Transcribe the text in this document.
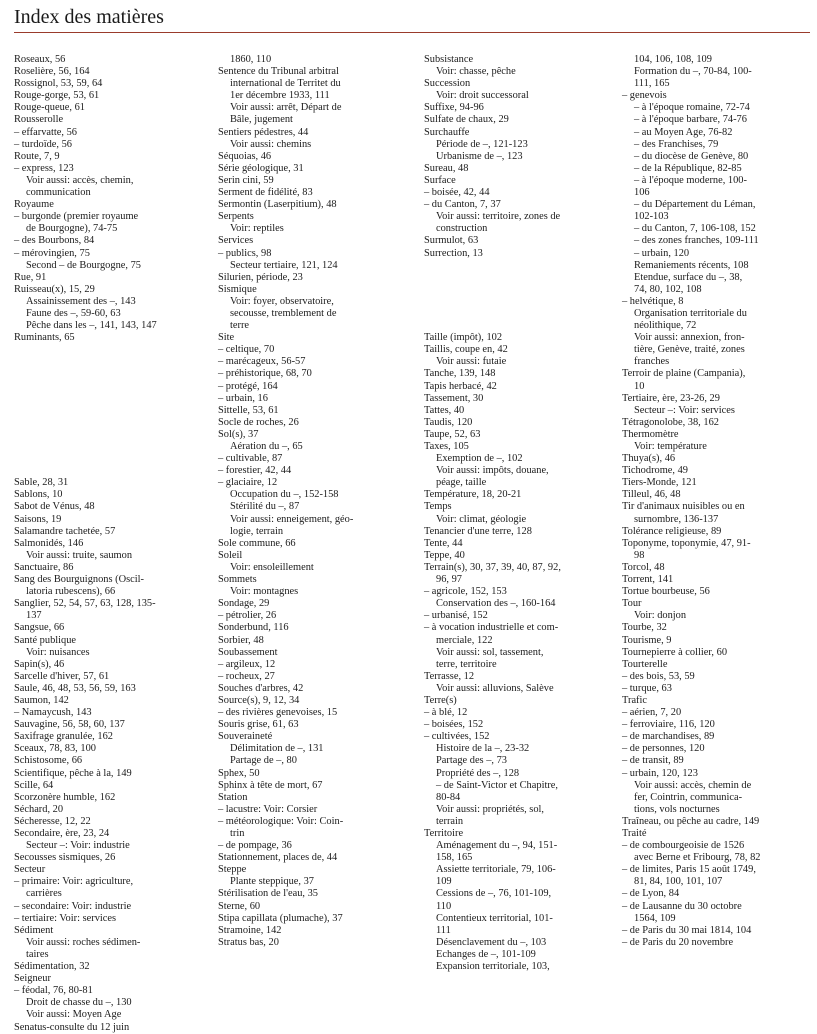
Index des matières
Roseaux, 56
Roselière, 56, 164
Rossignol, 53, 59, 64
Rouge-gorge, 53, 61
Rouge-queue, 61
Rousserolle
– effarvatte, 56
– turdoïde, 56
Route, 7, 9
– express, 123
Voir aussi: accès, chemin,
communication
Royaume
– burgonde (premier royaume
de Bourgogne), 74-75
– des Bourbons, 84
– mérovingien, 75
Second – de Bourgogne, 75
Rue, 91
Ruisseau(x), 15, 29
Assainissement des –, 143
Faune des –, 59-60, 63
Pêche dans les –, 141, 143, 147
Ruminants, 65
Sable, 28, 31
Sablons, 10
Sabot de Vénus, 48
Saisons, 19
Salamandre tachetée, 57
Salmonidés, 146
Voir aussi: truite, saumon
Sanctuaire, 86
Sang des Bourguignons (Oscil-
latoria rubescens), 66
Sanglier, 52, 54, 57, 63, 128, 135-
137
Sangsue, 66
Santé publique
Voir: nuisances
Sapin(s), 46
Sarcelle d'hiver, 57, 61
Saule, 46, 48, 53, 56, 59, 163
Saumon, 142
– Namaycush, 143
Sauvagine, 56, 58, 60, 137
Saxifrage granulée, 162
Sceaux, 78, 83, 100
Schistosome, 66
Scientifique, pêche à la, 149
Scille, 64
Scorzonère humble, 162
Séchard, 20
Sécheresse, 12, 22
Secondaire, ère, 23, 24
Secteur –: Voir: industrie
Secousses sismiques, 26
Secteur
– primaire: Voir: agriculture,
carrières
– secondaire: Voir: industrie
– tertiaire: Voir: services
Sédiment
Voir aussi: roches sédimen-
taires
Sédimentation, 32
Seigneur
– féodal, 76, 80-81
Droit de chasse du –, 130
Voir aussi: Moyen Age
Senatus-consulte du 12 juin
1860, 110
Sentence du Tribunal arbitral
international de Territet du
1er décembre 1933, 111
Voir aussi: arrêt, Départ de
Bâle, jugement
Sentiers pédestres, 44
Voir aussi: chemins
Séquoias, 46
Série géologique, 31
Serin cini, 59
Serment de fidélité, 83
Sermontin (Laserpitium), 48
Serpents
Voir: reptiles
Services
– publics, 98
Secteur tertiaire, 121, 124
Silurien, période, 23
Sismique
Voir: foyer, observatoire,
secousse, tremblement de
terre
Site
– celtique, 70
– marécageux, 56-57
– préhistorique, 68, 70
– protégé, 164
– urbain, 16
Sittelle, 53, 61
Socle de roches, 26
Sol(s), 37
Aération du –, 65
– cultivable, 87
– forestier, 42, 44
– glaciaire, 12
Occupation du –, 152-158
Stérilité du –, 87
Voir aussi: enneigement, géo-
logie, terrain
Sole commune, 66
Soleil
Voir: ensoleillement
Sommets
Voir: montagnes
Sondage, 29
– pétrolier, 26
Sonderbund, 116
Sorbier, 48
Soubassement
– argileux, 12
– rocheux, 27
Souches d'arbres, 42
Source(s), 9, 12, 34
– des rivières genevoises, 15
Souris grise, 61, 63
Souveraineté
Délimitation de –, 131
Partage de –, 80
Sphex, 50
Sphinx à tête de mort, 67
Station
– lacustre: Voir: Corsier
– météorologique: Voir: Coin-
trin
– de pompage, 36
Stationnement, places de, 44
Steppe
Plante steppique, 37
Stérilisation de l'eau, 35
Sterne, 60
Stipa capillata (plumache), 37
Stramoine, 142
Stratus bas, 20
Subsistance
Voir: chasse, pêche
Succession
Voir: droit successoral
Suffixe, 94-96
Sulfate de chaux, 29
Surchauffe
Période de –, 121-123
Urbanisme de –, 123
Sureau, 48
Surface
– boisée, 42, 44
– du Canton, 7, 37
Voir aussi: territoire, zones de
construction
Surmulot, 63
Surrection, 13
Taille (impôt), 102
Taillis, coupe en, 42
Voir aussi: futaie
Tanche, 139, 148
Tapis herbacé, 42
Tassement, 30
Tattes, 40
Taudis, 120
Taupe, 52, 63
Taxes, 105
Exemption de –, 102
Voir aussi: impôts, douane,
péage, taille
Température, 18, 20-21
Temps
Voir: climat, géologie
Tenancier d'une terre, 128
Tente, 44
Teppe, 40
Terrain(s), 30, 37, 39, 40, 87, 92,
96, 97
– agricole, 152, 153
Conservation des –, 160-164
– urbanisé, 152
– à vocation industrielle et com-
merciale, 122
Voir aussi: sol, tassement,
terre, territoire
Terrasse, 12
Voir aussi: alluvions, Salève
Terre(s)
– à blé, 12
– boisées, 152
– cultivées, 152
Histoire de la –, 23-32
Partage des –, 73
Propriété des –, 128
– de Saint-Victor et Chapitre,
80-84
Voir aussi: propriétés, sol,
terrain
Territoire
Aménagement du –, 94, 151-
158, 165
Assiette territoriale, 79, 106-
109
Cessions de –, 76, 101-109,
110
Contentieux territorial, 101-
111
Désenclavement du –, 103
Echanges de –, 101-109
Expansion territoriale, 103,
104, 106, 108, 109
Formation du –, 70-84, 100-
111, 165
– genevois
– à l'époque romaine, 72-74
– à l'époque barbare, 74-76
– au Moyen Age, 76-82
– des Franchises, 79
– du diocèse de Genève, 80
– de la République, 82-85
– à l'époque moderne, 100-
106
– du Département du Léman,
102-103
– du Canton, 7, 106-108, 152
– des zones franches, 109-111
– urbain, 120
Remaniements récents, 108
Etendue, surface du –, 38,
74, 80, 102, 108
– helvétique, 8
Organisation territoriale du
néolithique, 72
Voir aussi: annexion, fron-
tière, Genève, traité, zones
franches
Terroir de plaine (Campania),
10
Tertiaire, ère, 23-26, 29
Secteur –: Voir: services
Tétragonolobe, 38, 162
Thermomètre
Voir: température
Thuya(s), 46
Tichodrome, 49
Tiers-Monde, 121
Tilleul, 46, 48
Tir d'animaux nuisibles ou en
surnombre, 136-137
Tolérance religieuse, 89
Toponyme, toponymie, 47, 91-
98
Torcol, 48
Torrent, 141
Tortue bourbeuse, 56
Tour
Voir: donjon
Tourbe, 32
Tourisme, 9
Tournepierre à collier, 60
Tourterelle
– des bois, 53, 59
– turque, 63
Trafic
– aérien, 7, 20
– ferroviaire, 116, 120
– de marchandises, 89
– de personnes, 120
– de transit, 89
– urbain, 120, 123
Voir aussi: accès, chemin de
fer, Cointrin, communica-
tions, vols nocturnes
Traîneau, ou pêche au cadre, 149
Traité
– de combourgeoisie de 1526
avec Berne et Fribourg, 78, 82
– de limites, Paris 15 août 1749,
81, 84, 100, 101, 107
– de Lyon, 84
– de Lausanne du 30 octobre
1564, 109
– de Paris du 30 mai 1814, 104
– de Paris du 20 novembre
